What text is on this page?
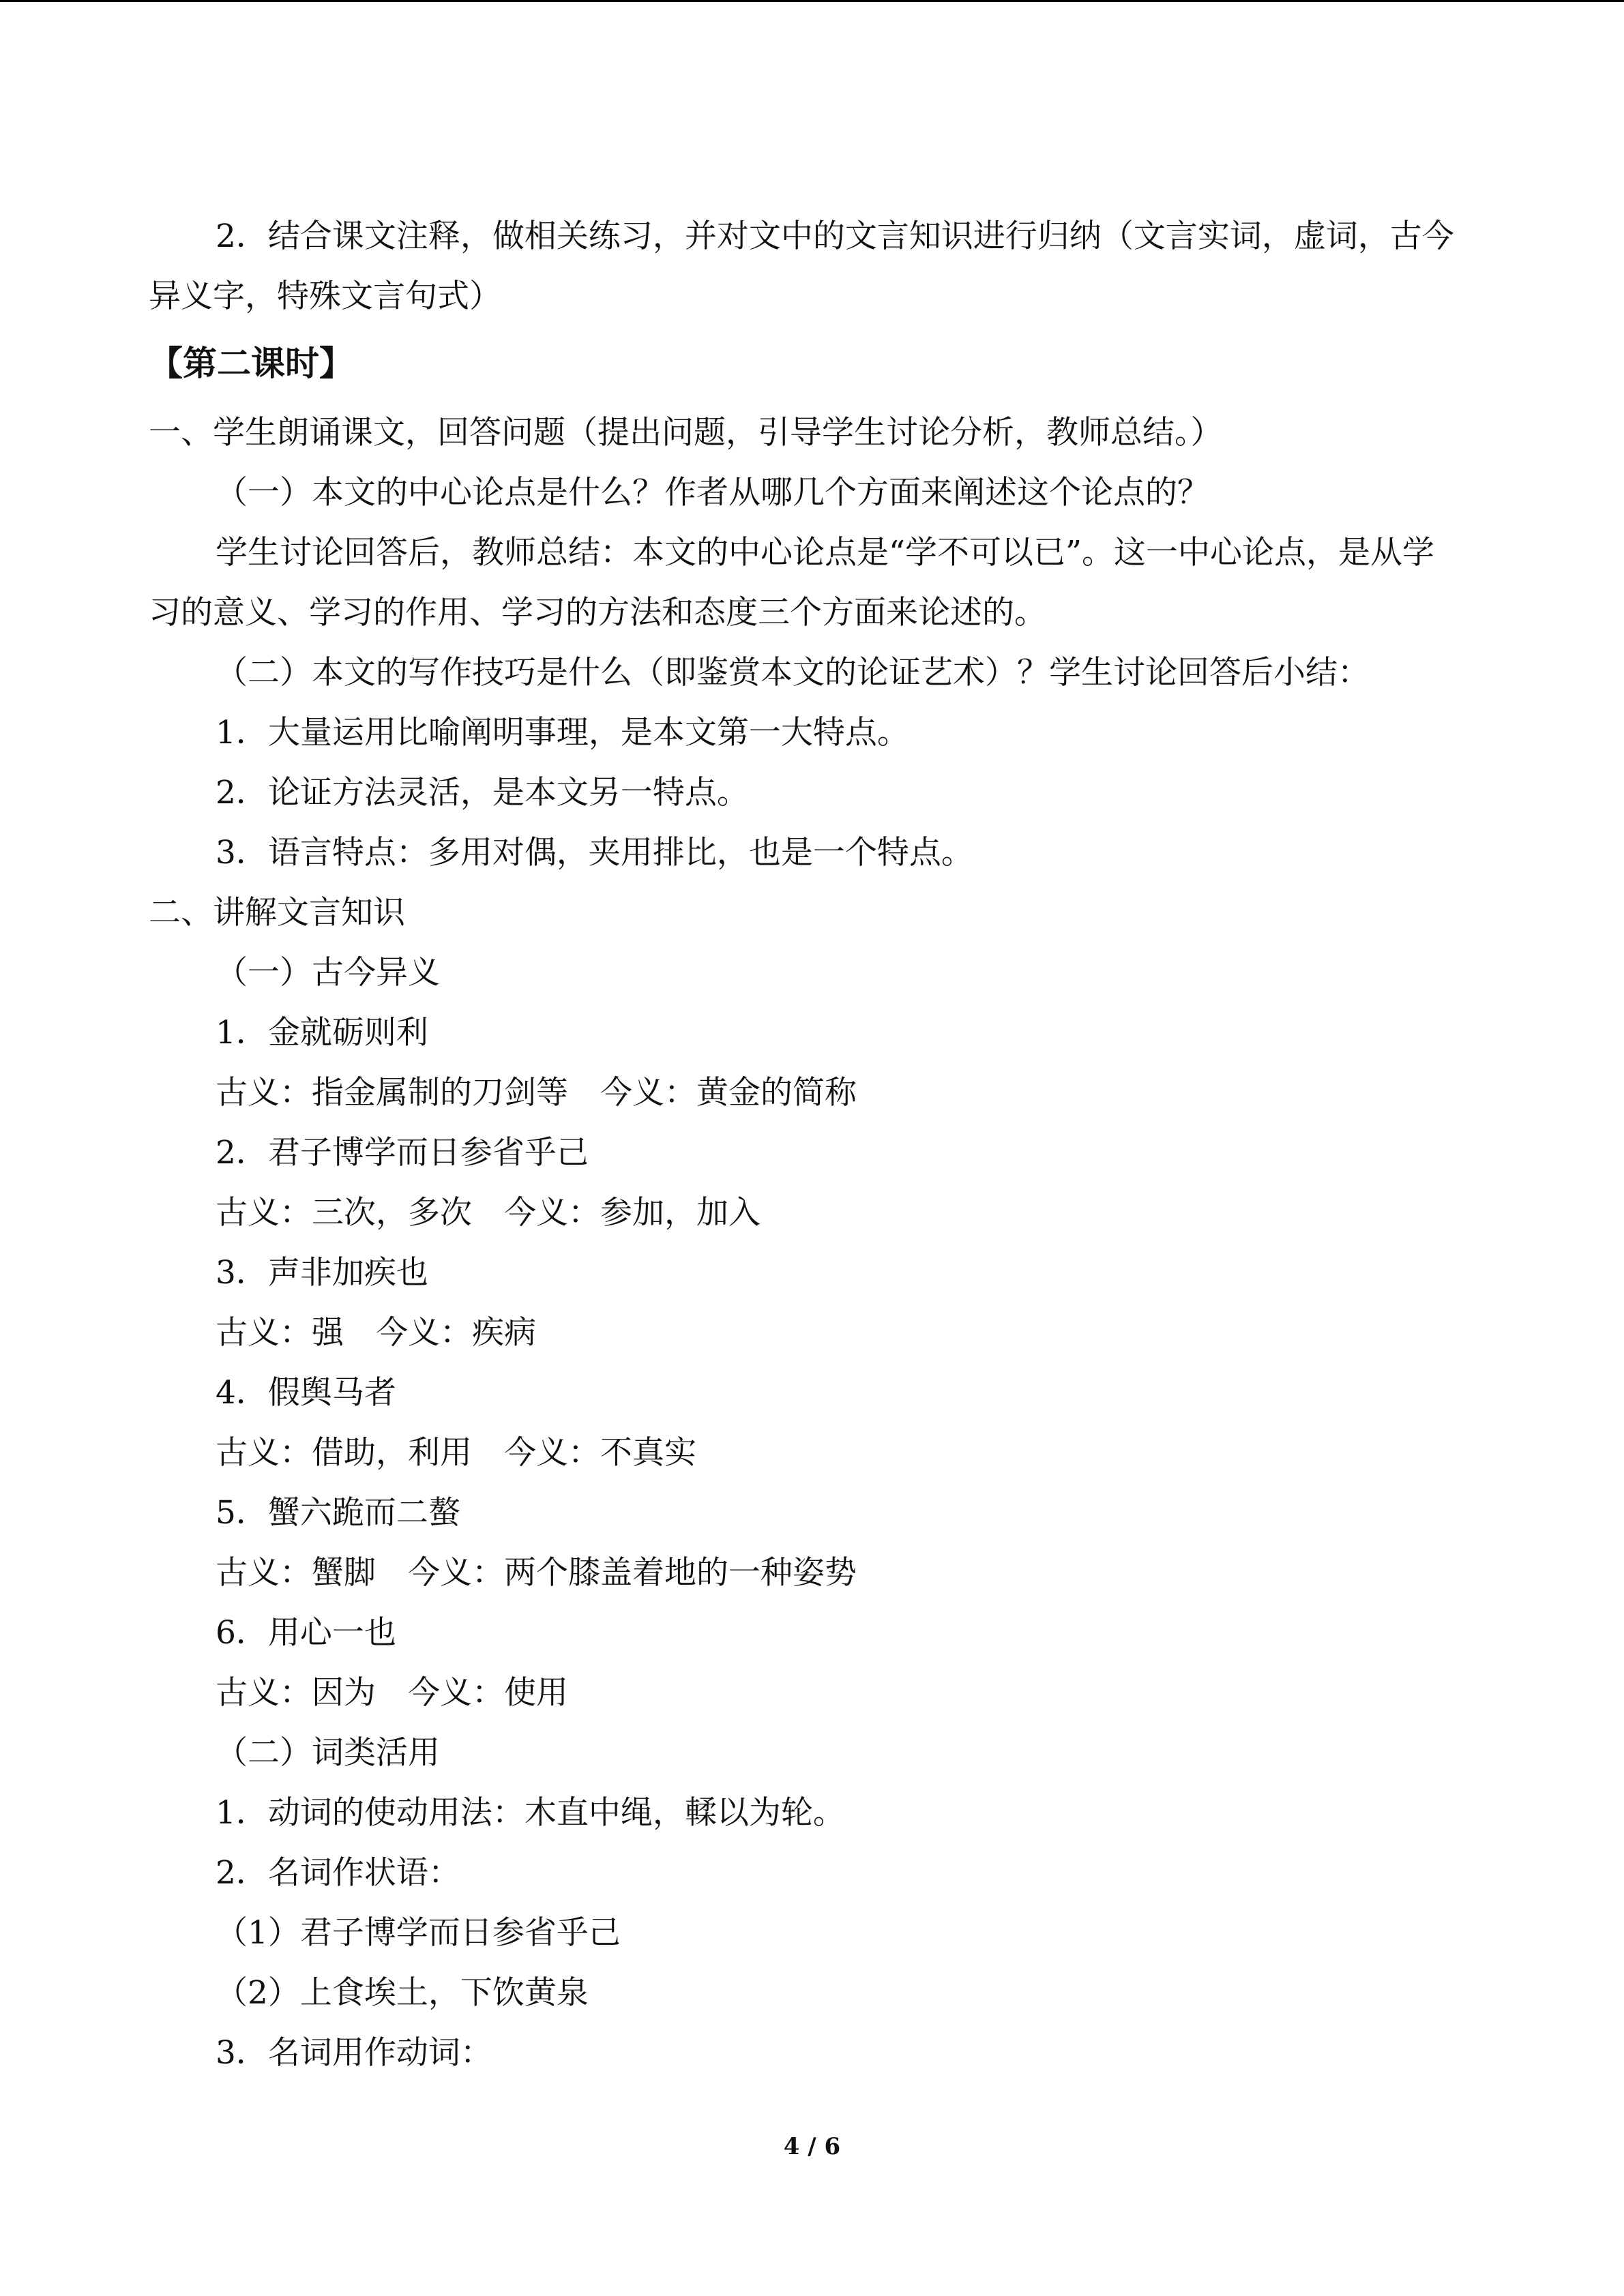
2．结合课文注释，做相关练习，并对文中的文言知识进行归纳（文言实词，虚词，古今
异义字，特殊文言句式）
【第二课时】
一、学生朗诵课文，回答问题（提出问题，引导学生讨论分析，教师总结。）
（一）本文的中心论点是什么？作者从哪几个方面来阐述这个论点的？
学生讨论回答后，教师总结：本文的中心论点是“学不可以已”。这一中心论点，是从学
习的意义、学习的作用、学习的方法和态度三个方面来论述的。
（二）本文的写作技巧是什么（即鉴赏本文的论证艺术）？学生讨论回答后小结：
1．大量运用比喻阐明事理，是本文第一大特点。
2．论证方法灵活，是本文另一特点。
3．语言特点：多用对偶，夹用排比，也是一个特点。
二、讲解文言知识
（一）古今异义
1．金就砺则利
古义：指金属制的刀剑等　今义：黄金的简称
2．君子博学而日参省乎己
古义：三次，多次　今义：参加，加入
3．声非加疾也
古义：强　今义：疾病
4．假舆马者
古义：借助，利用　今义：不真实
5．蟹六跪而二螯
古义：蟹脚　今义：两个膝盖着地的一种姿势
6．用心一也
古义：因为　今义：使用
（二）词类活用
1．动词的使动用法：木直中绳，輮以为轮。
2．名词作状语：
（1）君子博学而日参省乎己
（2）上食埃土，下饮黄泉
3．名词用作动词：
4 / 6
